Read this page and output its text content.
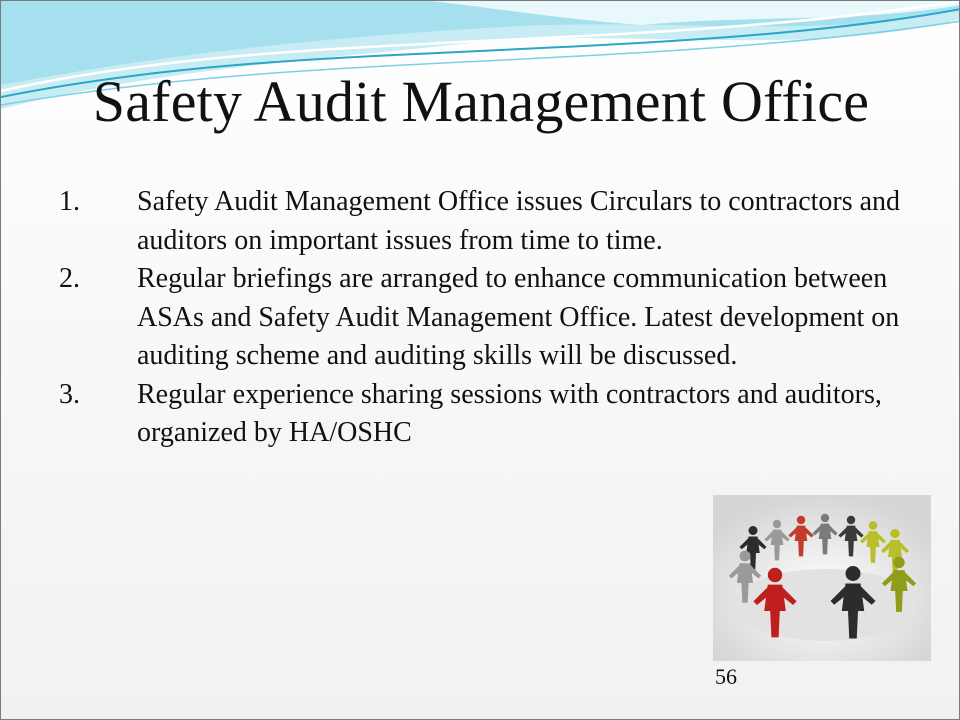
Safety Audit Management Office
1.	Safety Audit Management Office issues Circulars to contractors and auditors on important issues from time to time.
2.	Regular briefings are arranged to enhance communication between ASAs and Safety Audit Management Office. Latest development on auditing scheme and auditing skills will be discussed.
3.	Regular experience sharing sessions with contractors and auditors, organized by HA/OSHC
56
